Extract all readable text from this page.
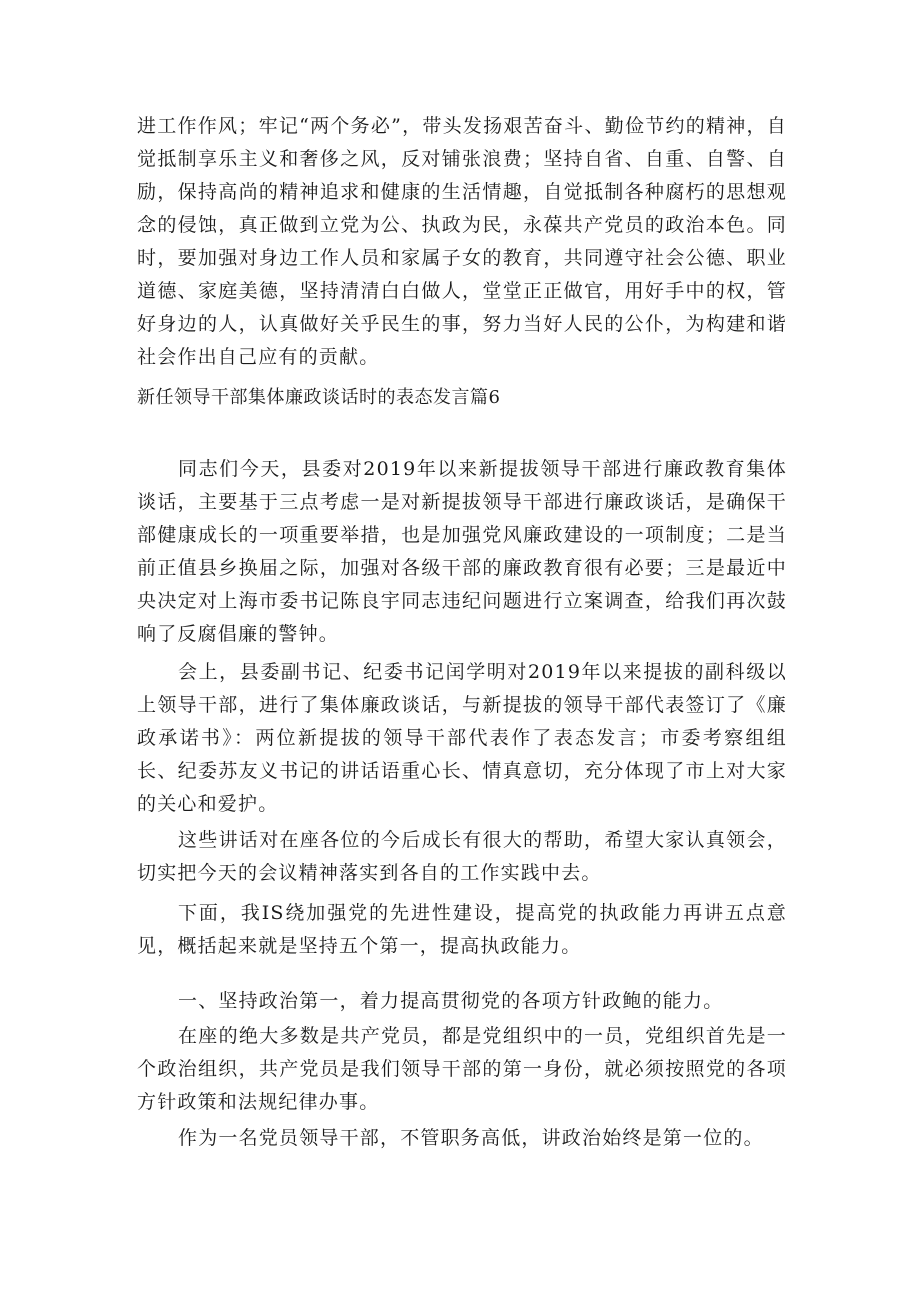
进工作作风；牢记“两个务必”，带头发扬艰苦奋斗、勤俭节约的精神，自觉抵制享乐主义和奢侈之风，反对铺张浪费；坚持自省、自重、自警、自励，保持高尚的精神追求和健康的生活情趣，自觉抵制各种腐朽的思想观念的侵蚀，真正做到立党为公、执政为民，永葆共产党员的政治本色。同时，要加强对身边工作人员和家属子女的教育，共同遵守社会公德、职业道德、家庭美德，坚持清清白白做人，堂堂正正做官，用好手中的权，管好身边的人，认真做好关乎民生的事，努力当好人民的公仆，为构建和谐社会作出自己应有的贡献。

新任领导干部集体廉政谈话时的表态发言篇6

同志们今天，县委对2019年以来新提拔领导干部进行廉政教育集体谈话，主要基于三点考虑一是对新提拔领导干部进行廉政谈话，是确保干部健康成长的一项重要举措，也是加强党风廉政建设的一项制度；二是当前正值县乡换届之际，加强对各级干部的廉政教育很有必要；三是最近中央决定对上海市委书记陈良宇同志违纪问题进行立案调查，给我们再次鼓响了反腐倡廉的警钟。

会上，县委副书记、纪委书记闰学明对2019年以来提拔的副科级以上领导干部，进行了集体廉政谈话，与新提拔的领导干部代表签订了《廉政承诺书》：两位新提拔的领导干部代表作了表态发言；市委考察组组长、纪委苏友义书记的讲话语重心长、情真意切，充分体现了市上对大家的关心和爱护。

这些讲话对在座各位的今后成长有很大的帮助，希望大家认真领会，切实把今天的会议精神落实到各自的工作实践中去。

下面，我IS绕加强党的先进性建设，提高党的执政能力再讲五点意见，概括起来就是坚持五个第一，提高执政能力。

一、坚持政治第一，着力提高贯彻党的各项方针政鲍的能力。

在座的绝大多数是共产党员，都是党组织中的一员，党组织首先是一个政治组织，共产党员是我们领导干部的第一身份，就必须按照党的各项方针政策和法规纪律办事。

作为一名党员领导干部，不管职务高低，讲政治始终是第一位的。
